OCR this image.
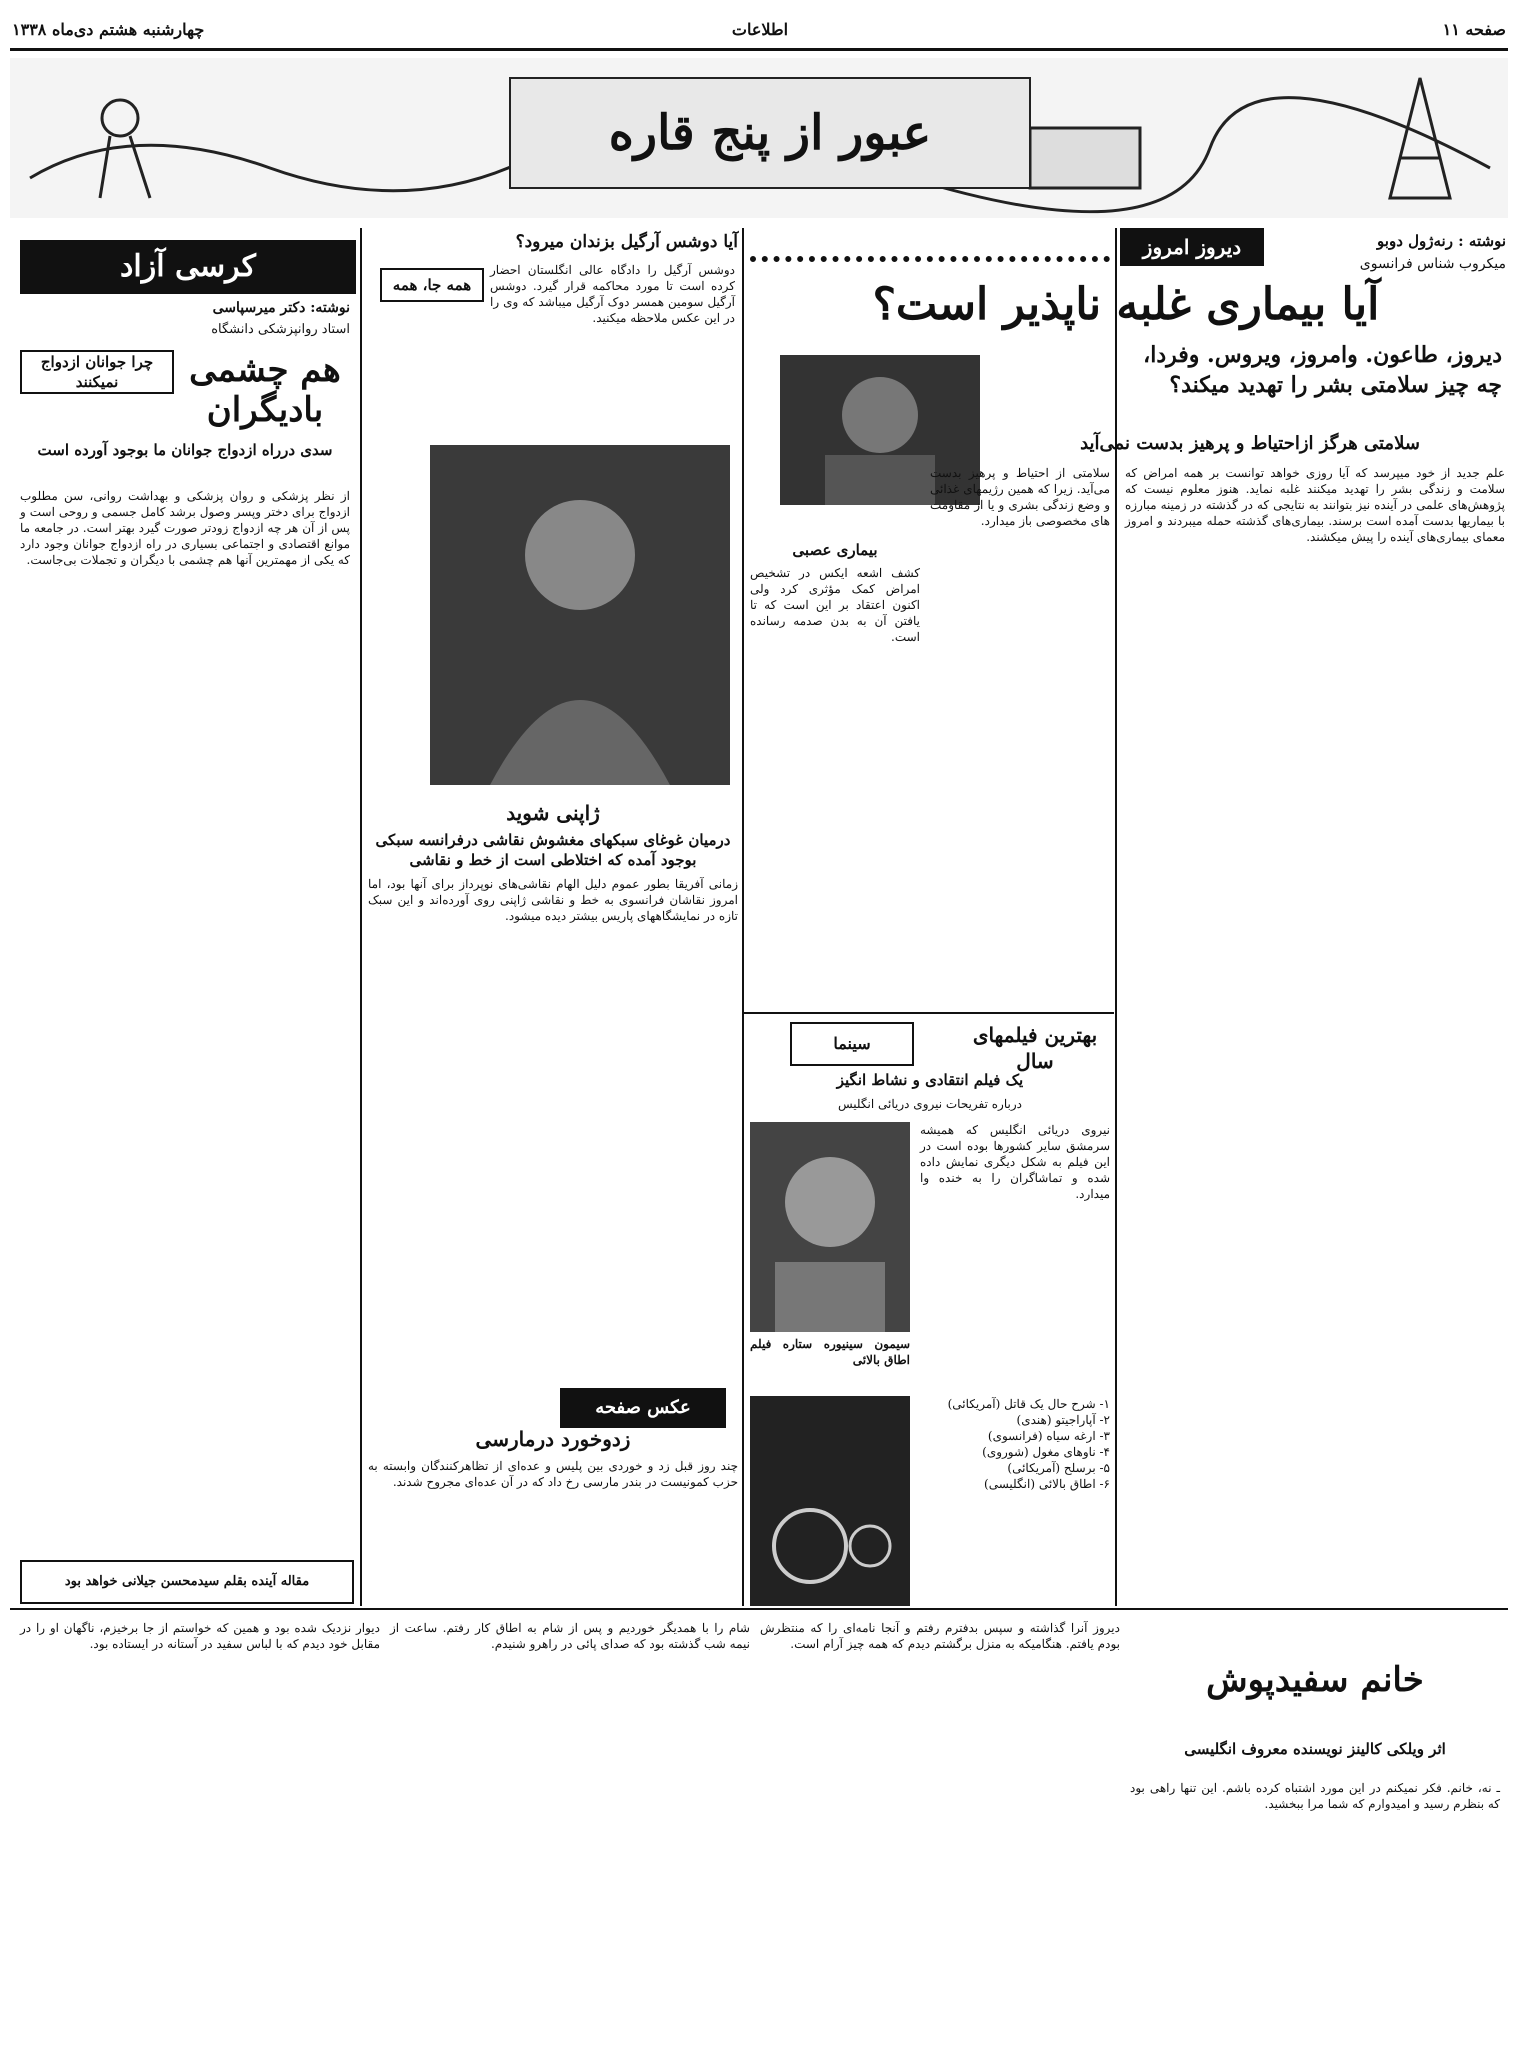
صفحه ۱۱
اطلاعات
چهارشنبه هشتم دی‌ماه ۱۳۳۸
عبور از پنج قاره
نوشته : رنه‌ژول دوبو
میکروب شناس فرانسوی
دیروز امروز
آیا بیماری غلبه ناپذیر است؟
دیروز، طاعون. وامروز، ویروس. وفردا، چه چیز سلامتی بشر را تهدید میکند؟
سلامتی هرگز ازاحتیاط و پرهیز بدست نمی‌آید
علم جدید از خود میپرسد که آیا روزی خواهد توانست بر همه امراض که سلامت و زندگی بشر را تهدید میکنند غلبه نماید. هنوز معلوم نیست که پژوهش‌های علمی در آینده نیز بتوانند به نتایجی که در گذشته در زمینه مبارزه با بیماریها بدست آمده است برسند. بیماری‌های گذشته حمله میبردند و امروز معمای بیماری‌های آینده را پیش میکشند.
سلامتی از احتیاط و پرهیز بدست می‌آید. زیرا که همین رژیمهای غذائی و وضع زندگی بشری و یا از مقاومت های مخصوصی باز میدارد.
بیماری عصبی
کشف اشعه ایکس در تشخیص امراض کمک مؤثری کرد ولی اکنون اعتقاد بر این است که تا یافتن آن به بدن صدمه رسانده است.
آیا دوشس آرگیل بزندان میرود؟
همه جا، همه
دوشس آرگیل را دادگاه عالی انگلستان احضار کرده است تا مورد محاکمه قرار گیرد. دوشس آرگیل سومین همسر دوک آرگیل میباشد که وی را در این عکس ملاحظه میکنید.
ژاپنی شوید
درمیان غوغای سبکهای مغشوش نقاشی درفرانسه سبکی بوجود آمده که اختلاطی است از خط و نقاشی
زمانی آفریقا بطور عموم دلیل الهام نقاشی‌های نوپرداز برای آنها بود، اما امروز نقاشان فرانسوی به خط و نقاشی ژاپنی روی آورده‌اند و این سبک تازه در نمایشگاههای پاریس بیشتر دیده میشود.
عکس صفحه
زدوخورد درمارسی
چند روز قبل زد و خوردی بین پلیس و عده‌ای از تظاهرکنندگان وابسته به حزب کمونیست در بندر مارسی رخ داد که در آن عده‌ای مجروح شدند.
بهترین فیلمهای سال
سینما
یک فیلم انتقادی و نشاط انگیز
درباره تفریحات نیروی دریائی انگلیس
نیروی دریائی انگلیس که همیشه سرمشق سایر کشورها بوده است در این فیلم به شکل دیگری نمایش داده شده و تماشاگران را به خنده وا میدارد.
سیمون سینیوره ستاره فیلم اطاق بالائی
۱- شرح حال یک قاتل (آمریکائی)
۲- آپاراجیتو (هندی)
۳- ارغه سیاه (فرانسوی)
۴- ناوهای مغول (شوروی)
۵- برسلح (آمریکائی)
۶- اطاق بالائی (انگلیسی)
کرسی آزاد
نوشته: دکتر میرسپاسی
استاد روانپزشکی دانشگاه
چرا جوانان ازدواج نمیکنند	هم چشمی بادیگران
سدی درراه ازدواج جوانان ما بوجود آورده است
از نظر پزشکی و روان پزشکی و بهداشت روانی، سن مطلوب ازدواج برای دختر وپسر وصول برشد کامل جسمی و روحی است و پس از آن هر چه ازدواج زودتر صورت گیرد بهتر است. در جامعه ما موانع اقتصادی و اجتماعی بسیاری در راه ازدواج جوانان وجود دارد که یکی از مهمترین آنها هم چشمی با دیگران و تجملات بی‌جاست.
مقاله آینده بقلم سیدمحسن جیلانی خواهد بود
خانم سفیدپوش
اثر ویلکی کالینز نویسنده معروف انگلیسی
ـ نه، خانم. فکر نمیکنم در این مورد اشتباه کرده باشم. این تنها راهی بود که بنظرم رسید و امیدوارم که شما مرا ببخشید.
دیروز آنرا گذاشته و سپس بدفترم رفتم و آنجا نامه‌ای را که منتظرش بودم یافتم. هنگامیکه به منزل برگشتم دیدم که همه چیز آرام است.
شام را با همدیگر خوردیم و پس از شام به اطاق کار رفتم. ساعت از نیمه شب گذشته بود که صدای پائی در راهرو شنیدم.
دیوار نزدیک شده بود و همین که خواستم از جا برخیزم، ناگهان او را در مقابل خود دیدم که با لباس سفید در آستانه در ایستاده بود.
